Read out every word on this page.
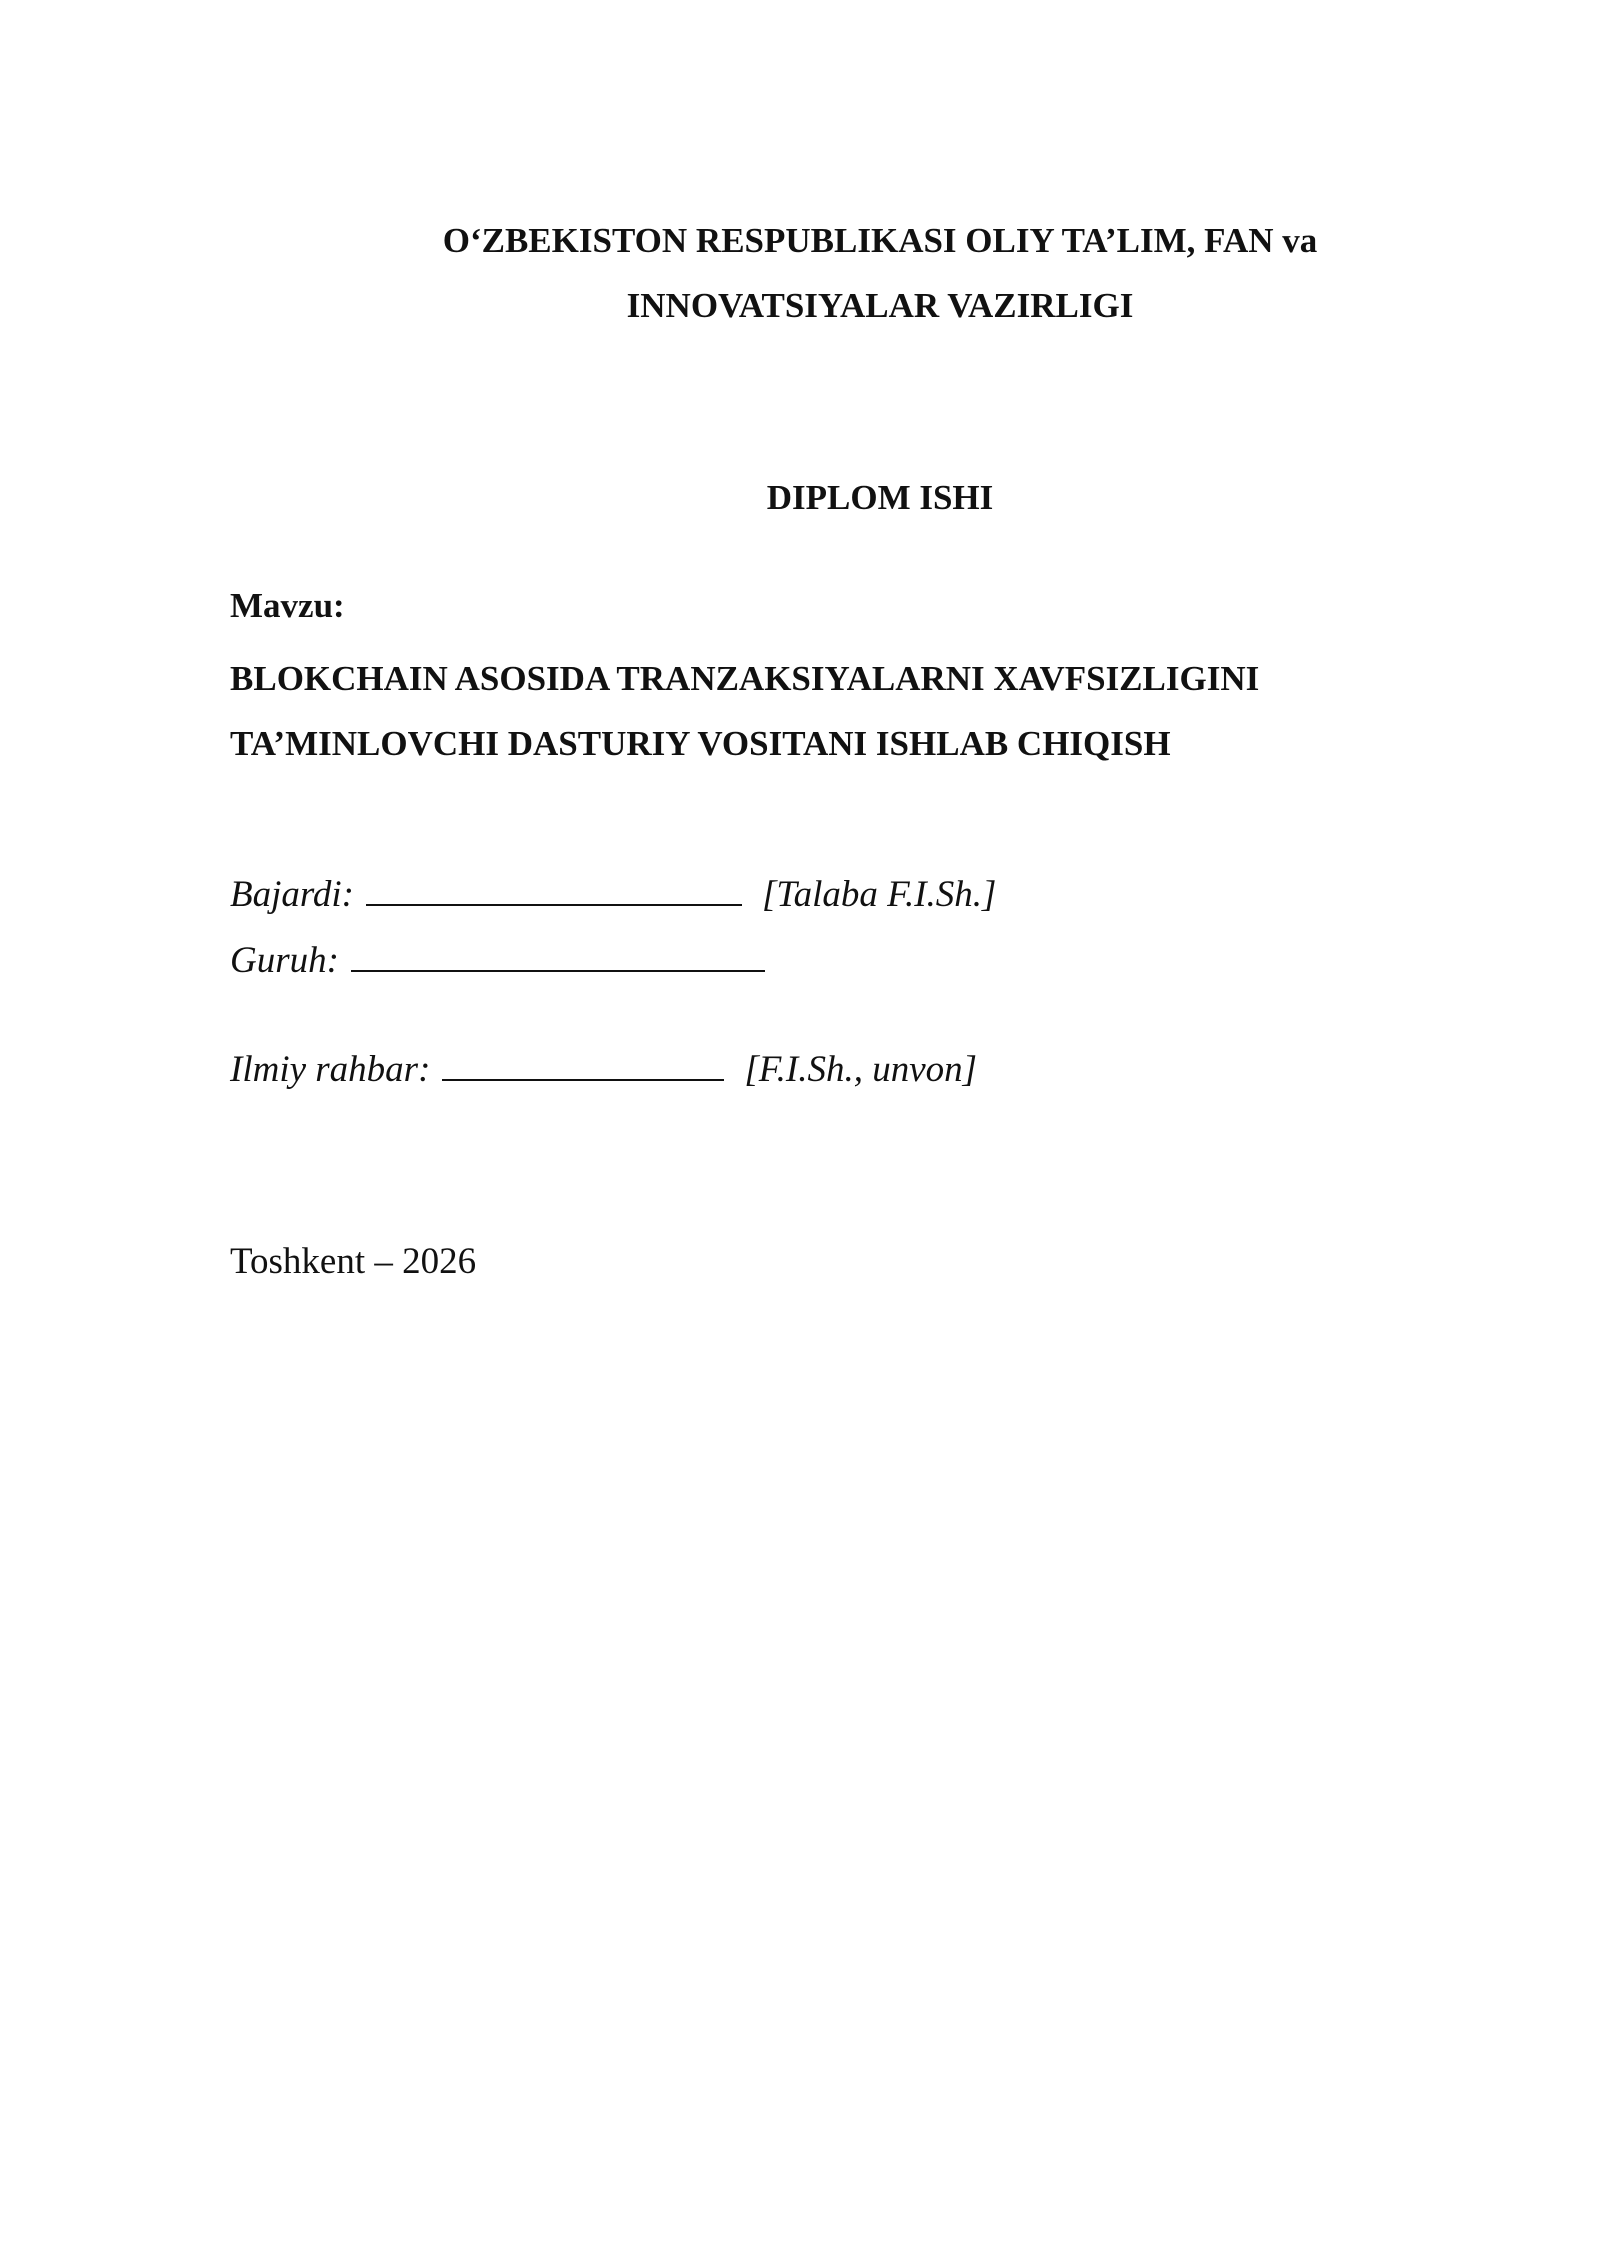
O‘ZBEKISTON RESPUBLIKASI OLIY TA’LIM, FAN va
INNOVATSIYALAR VAZIRLIGI
DIPLOM ISHI

Mavzu:

BLOKCHAIN ASOSIDA TRANZAKSIYALARNI XAVFSIZLIGINI
TA’MINLOVCHI DASTURIY VOSITANI ISHLAB CHIQISH

Bajardi:	[Talaba F.I.Sh.]

Guruh:

Ilmiy rahbar:	[F.I.Sh., unvon]

Toshkent – 2026
